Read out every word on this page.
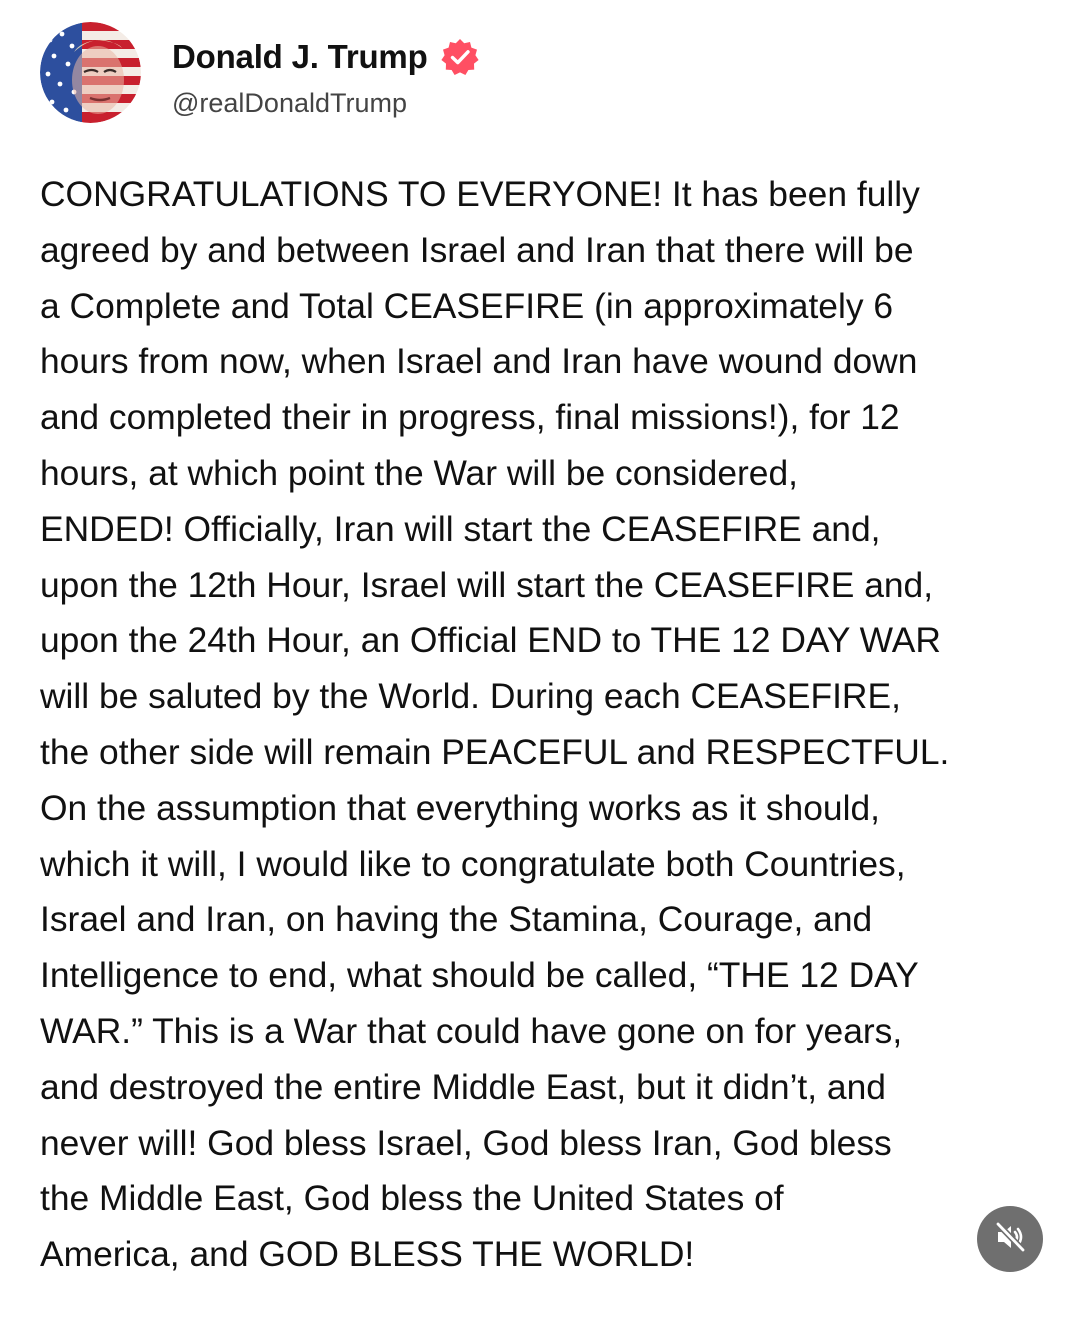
Donald J. Trump
@realDonaldTrump
CONGRATULATIONS TO EVERYONE! It has been fully
agreed by and between Israel and Iran that there will be
a Complete and Total CEASEFIRE (in approximately 6
hours from now, when Israel and Iran have wound down
and completed their in progress, final missions!), for 12
hours, at which point the War will be considered,
ENDED! Officially, Iran will start the CEASEFIRE and,
upon the 12th Hour, Israel will start the CEASEFIRE and,
upon the 24th Hour, an Official END to THE 12 DAY WAR
will be saluted by the World. During each CEASEFIRE,
the other side will remain PEACEFUL and RESPECTFUL.
On the assumption that everything works as it should,
which it will, I would like to congratulate both Countries,
Israel and Iran, on having the Stamina, Courage, and
Intelligence to end, what should be called, “THE 12 DAY
WAR.” This is a War that could have gone on for years,
and destroyed the entire Middle East, but it didn’t, and
never will! God bless Israel, God bless Iran, God bless
the Middle East, God bless the United States of
America, and GOD BLESS THE WORLD!
